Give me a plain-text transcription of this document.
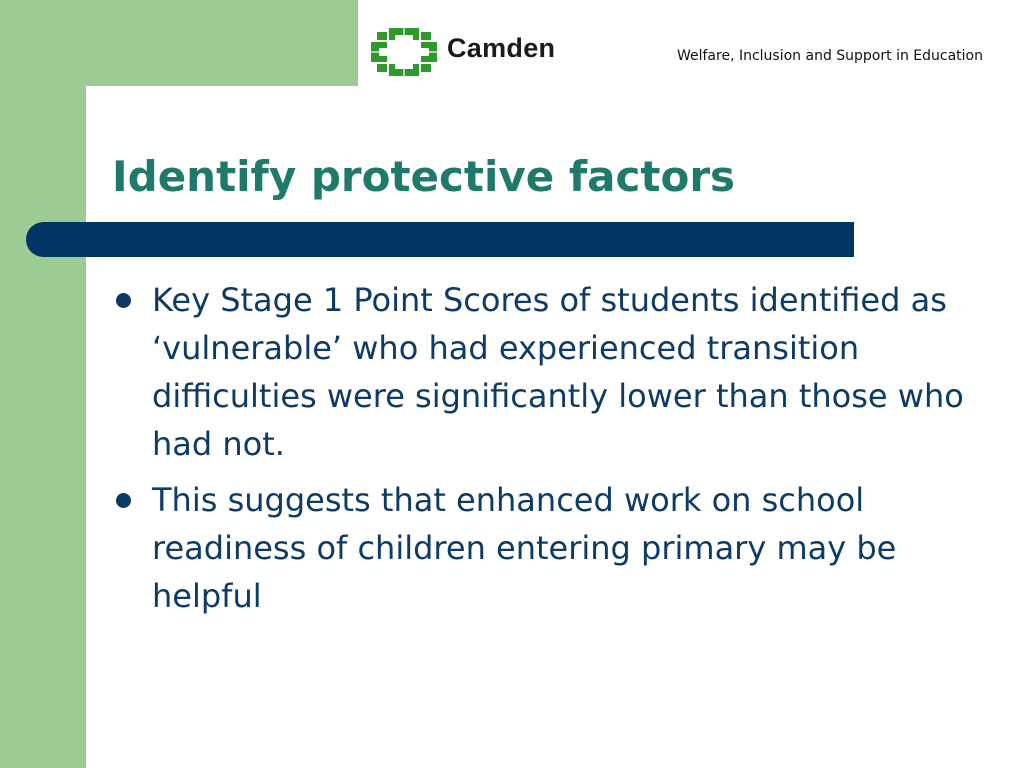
Camden	Welfare, Inclusion and Support in Education
Identify protective factors
Key Stage 1 Point Scores of students identified as ‘vulnerable’ who had experienced transition difficulties were significantly lower than those who had not.
This suggests that enhanced work on school readiness of children entering primary may be helpful
